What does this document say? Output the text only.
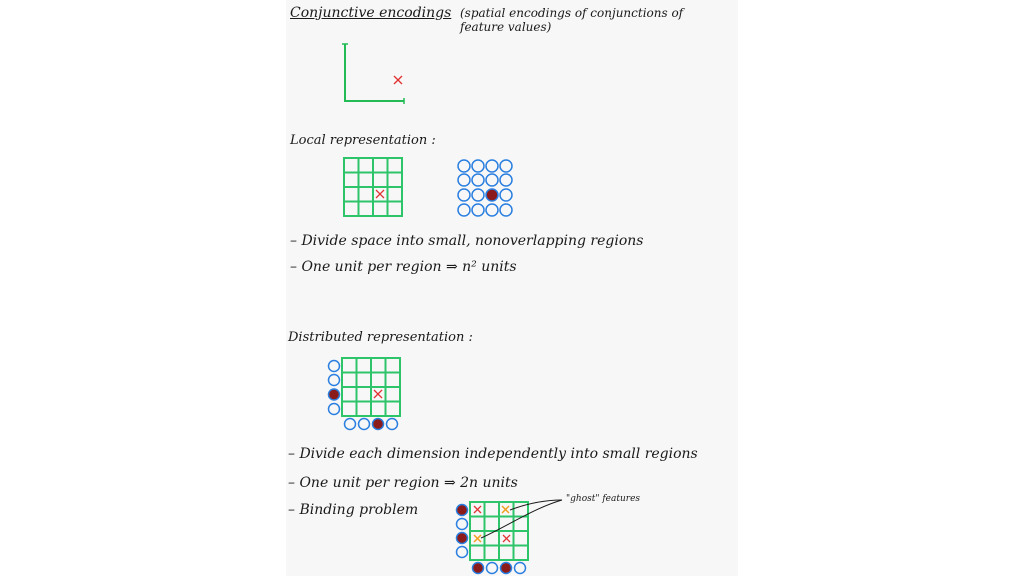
Conjunctive encodings (spatial encodings of conjunctions of feature values)
Local representation :
– Divide space into small, nonoverlapping regions
– One unit per region ⇒ n² units
Distributed representation :
– Divide each dimension independently into small regions
– One unit per region ⇒ 2n units
– Binding problem
"ghost" features
